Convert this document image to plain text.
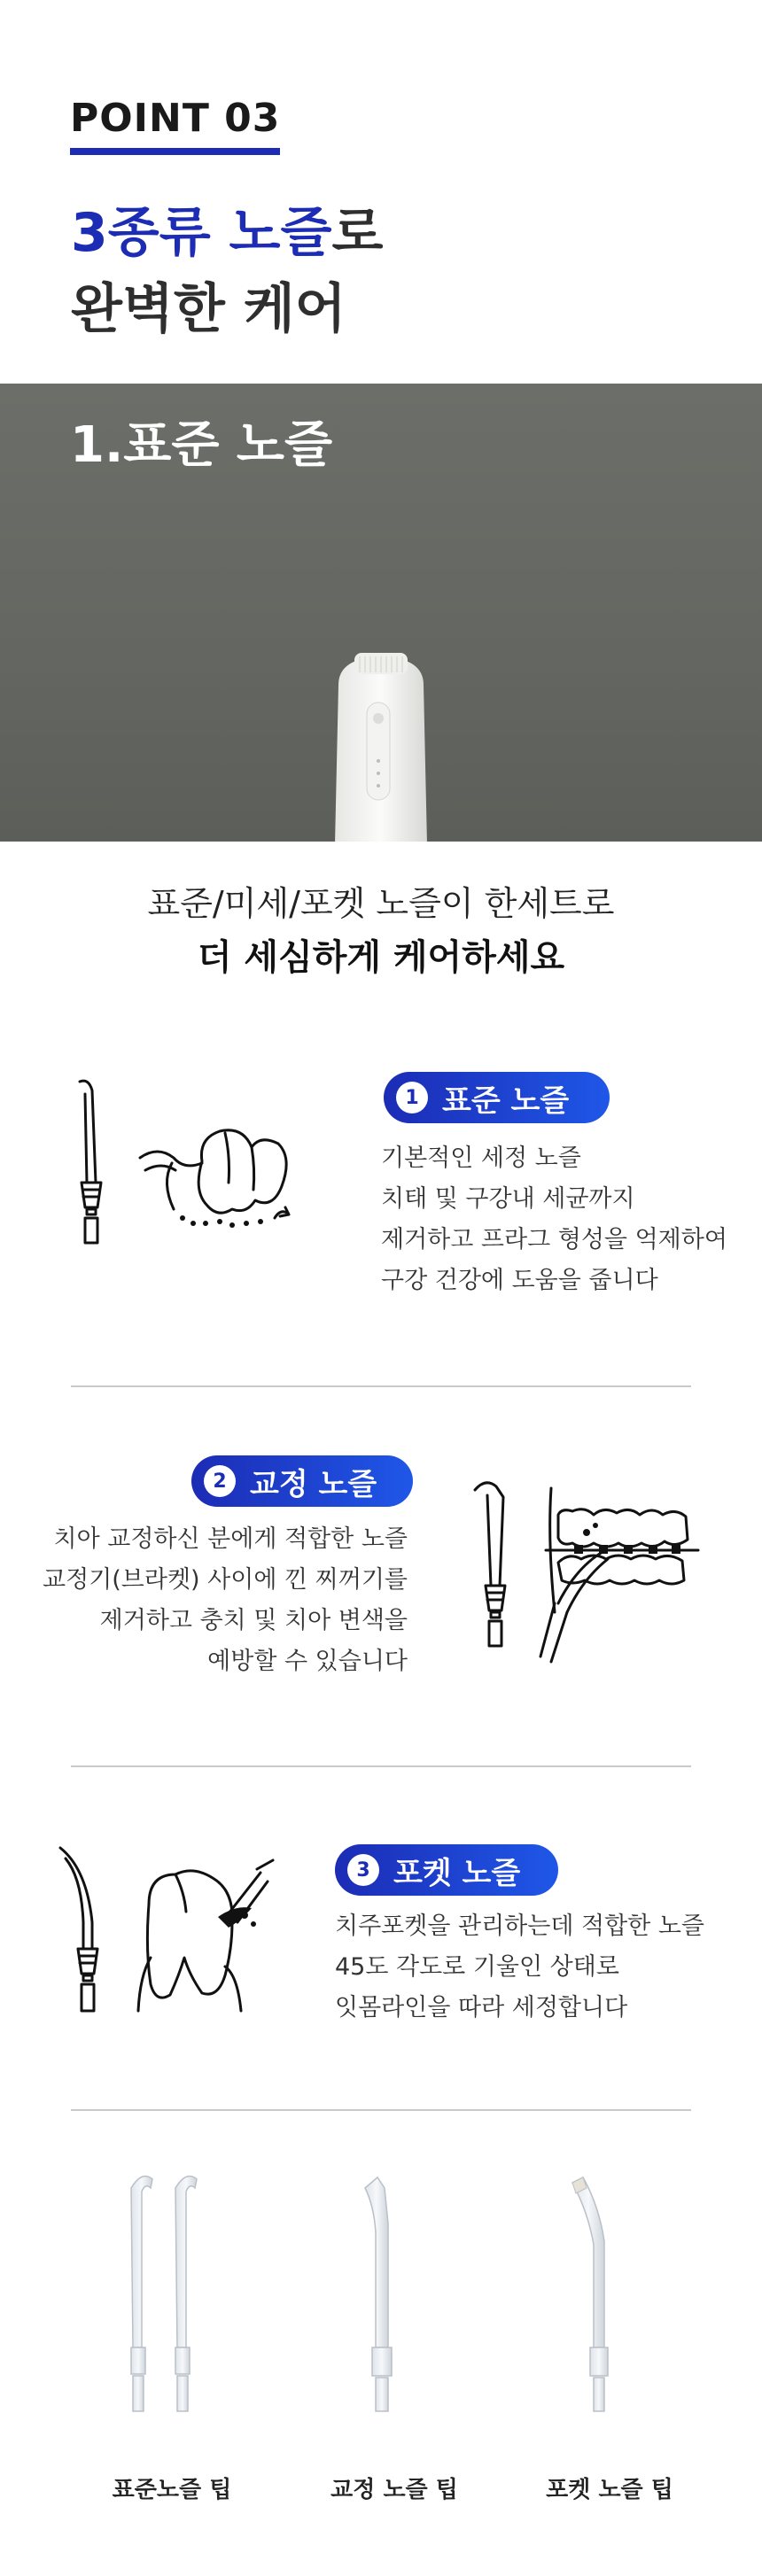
POINT 03
3종류 노즐로
완벽한 케어
1.표준 노즐
표준/미세/포켓 노즐이 한세트로
더 세심하게 케어하세요
1 표준 노즐
기본적인 세정 노즐
치태 및 구강내 세균까지
제거하고 프라그 형성을 억제하여
구강 건강에 도움을 줍니다
2 교정 노즐
치아 교정하신 분에게 적합한 노즐
교정기(브라켓) 사이에 낀 찌꺼기를
제거하고 충치 및 치아 변색을
예방할 수 있습니다
3 포켓 노즐
치주포켓을 관리하는데 적합한 노즐
45도 각도로 기울인 상태로
잇몸라인을 따라 세정합니다
표준노즐 팁	교정 노즐 팁	포켓 노즐 팁
